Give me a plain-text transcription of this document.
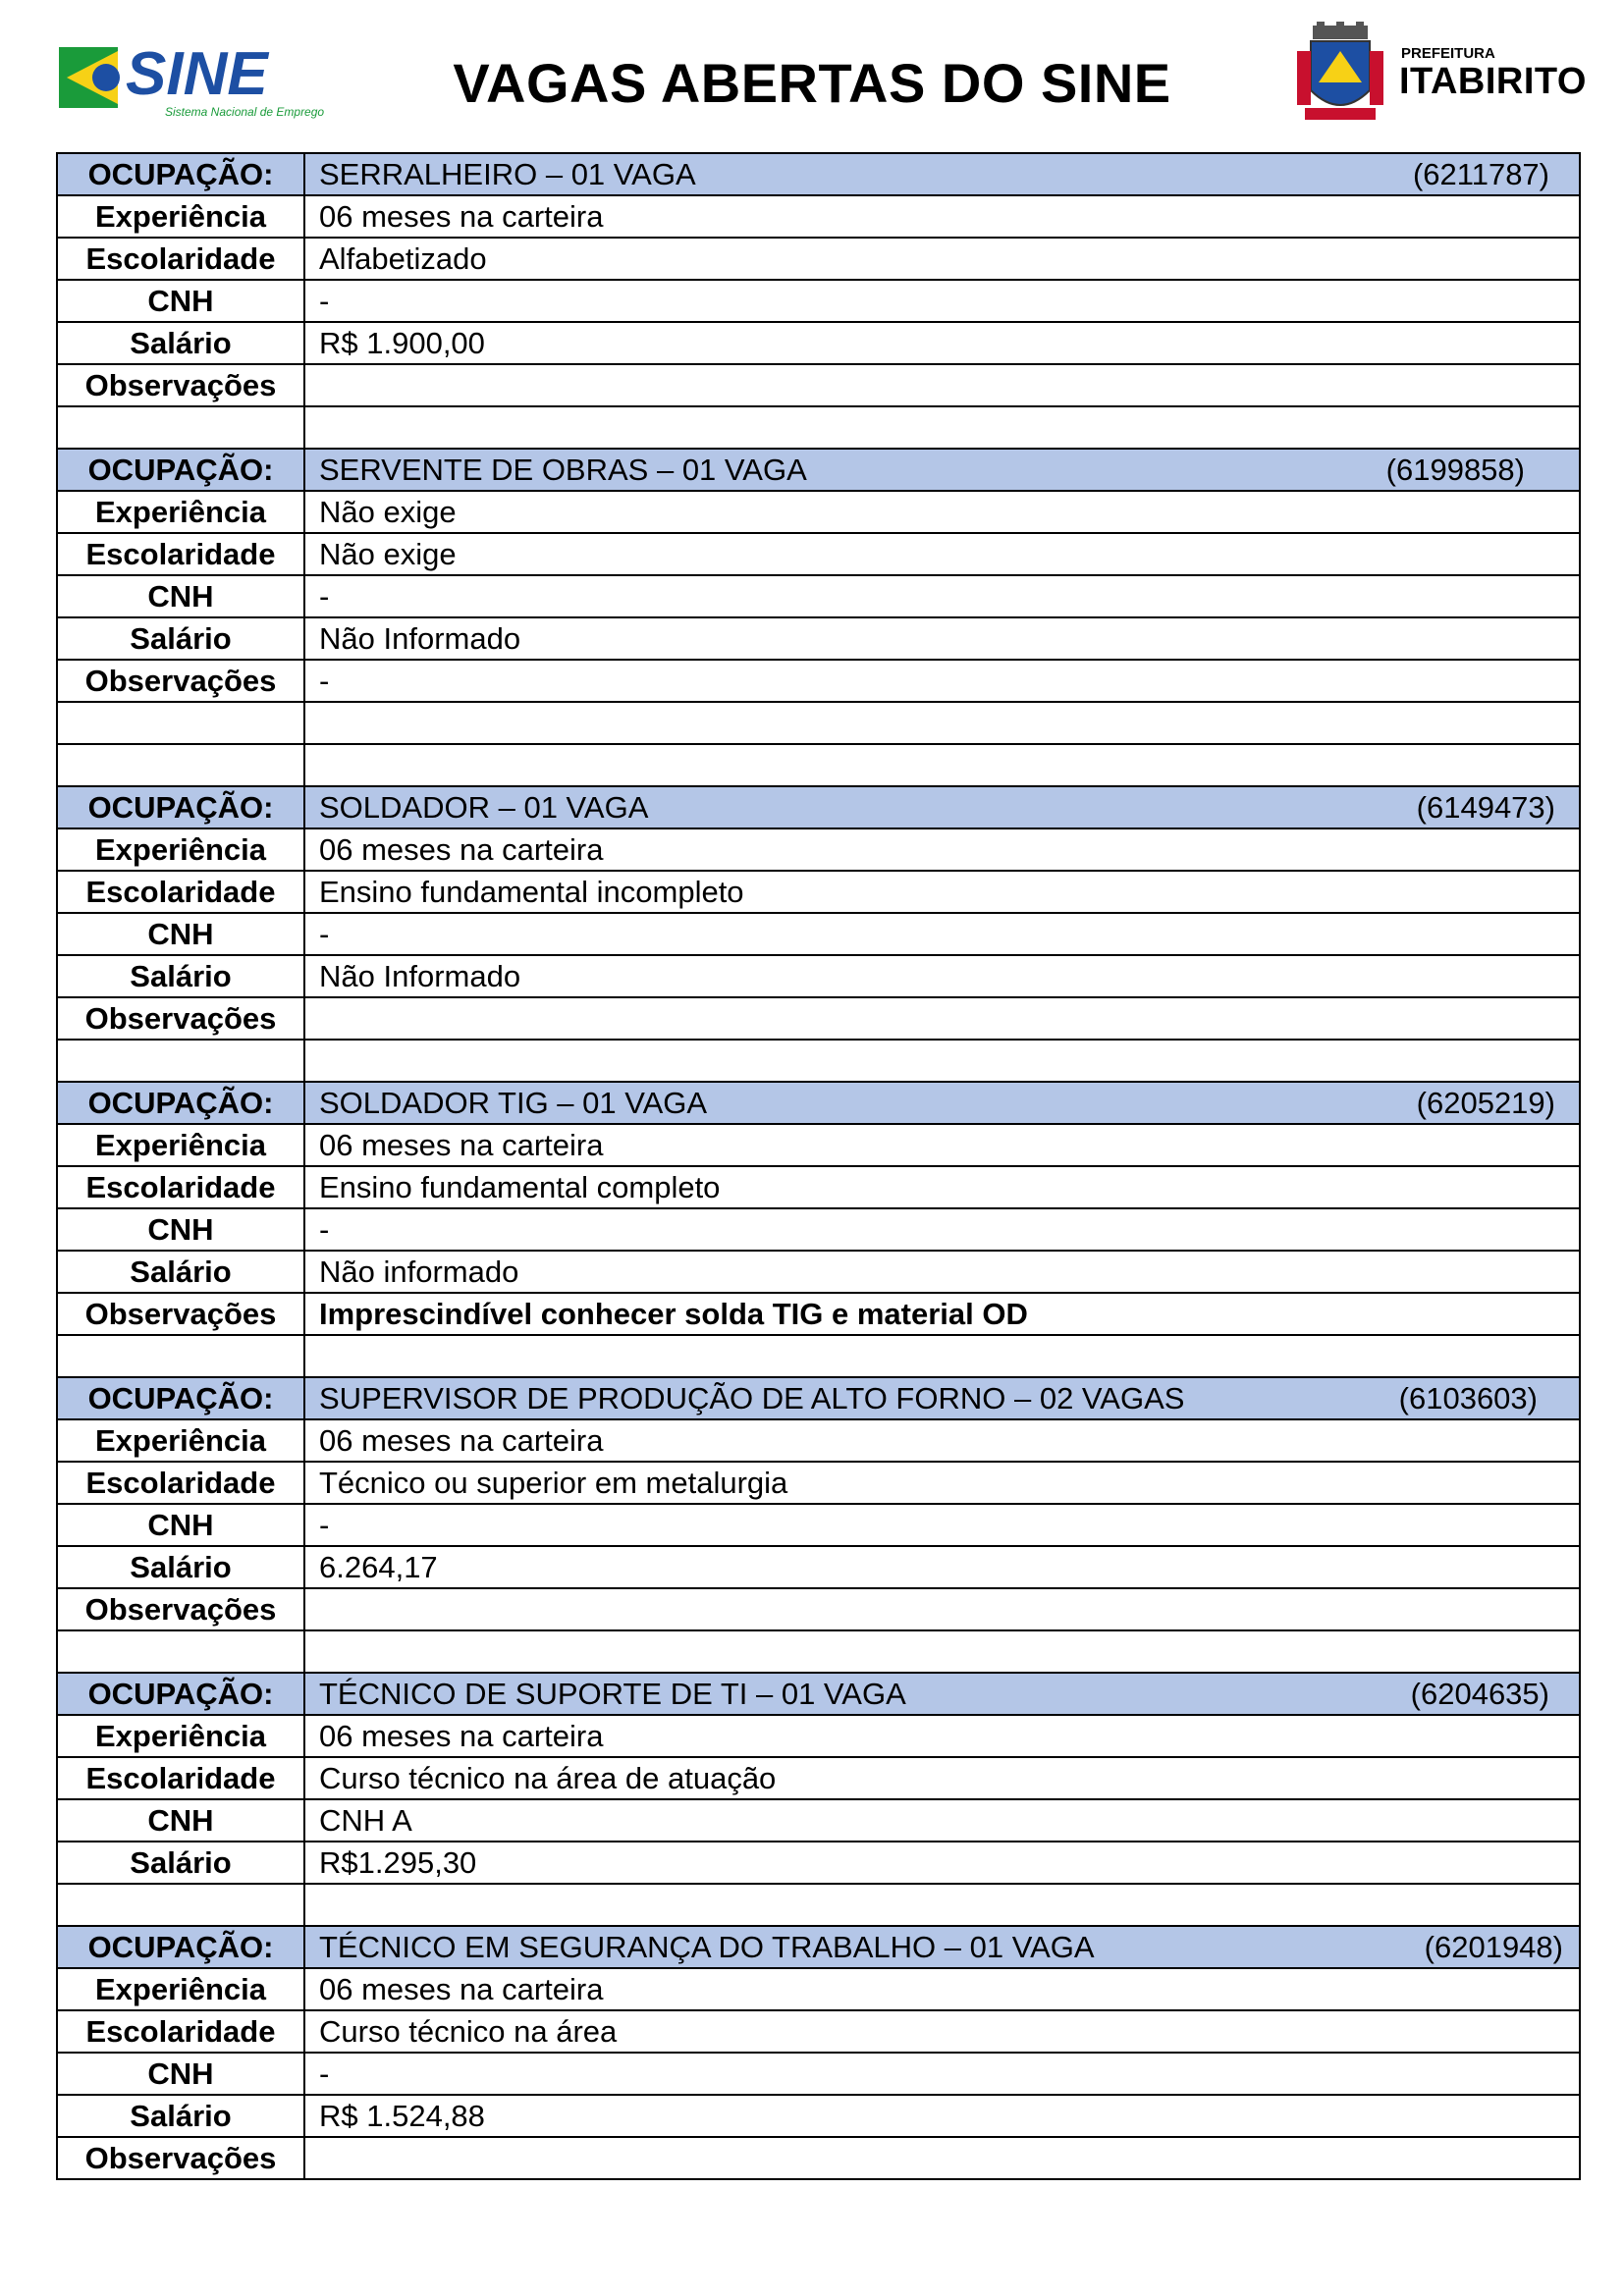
SINE
Sistema Nacional de Emprego	VAGAS ABERTAS DO SINE	PREFEITURA
ITABIRITO
OCUPAÇÃO:	SERRALHEIRO – 01 VAGA (6211787)

Experiência	06 meses na carteira
Escolaridade	Alfabetizado
CNH	-
Salário	R$ 1.900,00
Observações	

OCUPAÇÃO:	SERVENTE DE OBRAS – 01 VAGA (6199858)

Experiência	Não exige
Escolaridade	Não exige
CNH	-
Salário	Não Informado
Observações	-

OCUPAÇÃO:	SOLDADOR – 01 VAGA (6149473)

Experiência	06 meses na carteira
Escolaridade	Ensino fundamental incompleto
CNH	-
Salário	Não Informado
Observações	

OCUPAÇÃO:	SOLDADOR TIG – 01 VAGA (6205219)

Experiência	06 meses na carteira
Escolaridade	Ensino fundamental completo
CNH	-
Salário	Não informado
Observações	Imprescindível conhecer solda TIG e material OD

OCUPAÇÃO:	SUPERVISOR DE PRODUÇÃO DE ALTO FORNO – 02 VAGAS (6103603)

Experiência	06 meses na carteira
Escolaridade	Técnico ou superior em metalurgia
CNH	-
Salário	6.264,17
Observações	

OCUPAÇÃO:	TÉCNICO DE SUPORTE DE TI – 01 VAGA (6204635)

Experiência	06 meses na carteira
Escolaridade	Curso técnico na área de atuação
CNH	CNH A
Salário	R$1.295,30

OCUPAÇÃO:	TÉCNICO EM SEGURANÇA DO TRABALHO – 01 VAGA (6201948)

Experiência	06 meses na carteira
Escolaridade	Curso técnico na área
CNH	-
Salário	R$ 1.524,88
Observações	
